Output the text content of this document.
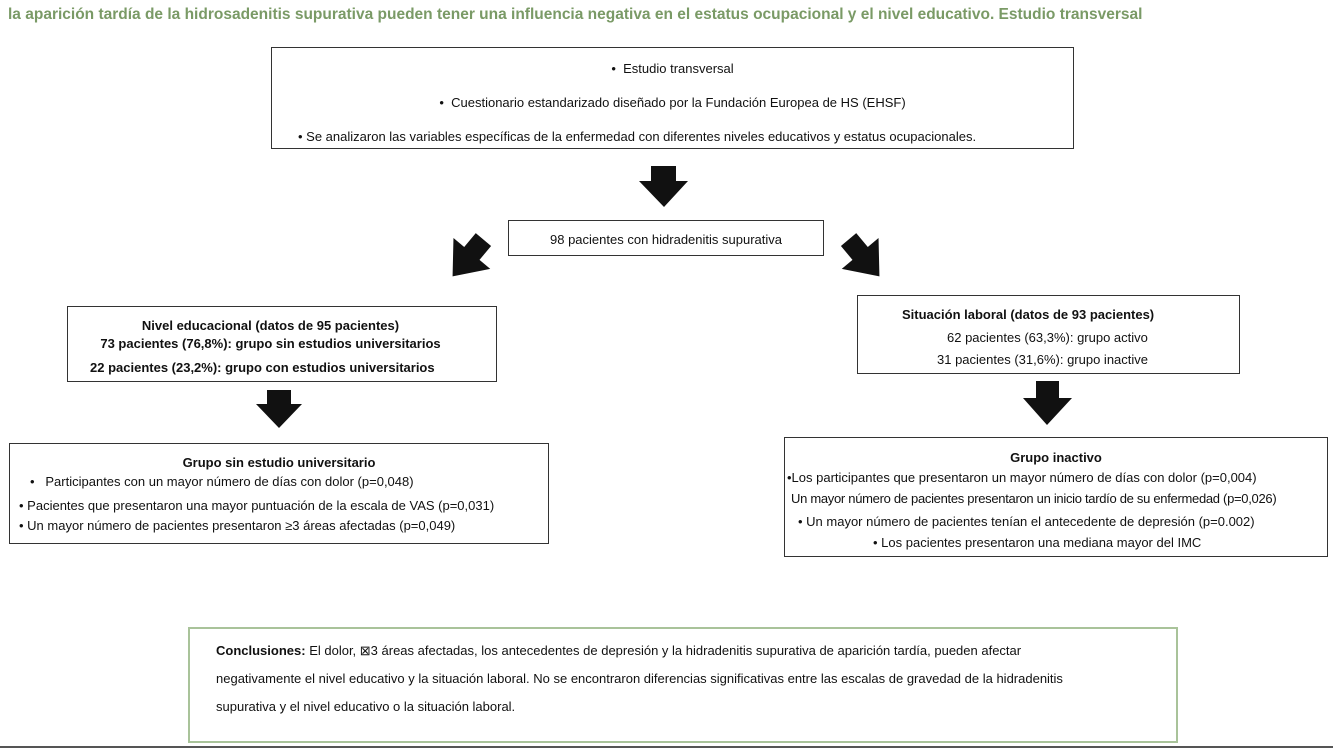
la aparición tardía de la hidrosadenitis supurativa pueden tener una influencia negativa en el estatus ocupacional y el nivel educativo. Estudio transversal
•  Estudio transversal
•  Cuestionario estandarizado diseñado por la Fundación Europea de HS (EHSF)
• Se analizaron las variables específicas de la enfermedad con diferentes niveles educativos y estatus ocupacionales.
98 pacientes con hidradenitis supurativa
Nivel educacional (datos de 95 pacientes)
73 pacientes (76,8%): grupo sin estudios universitarios
22 pacientes (23,2%): grupo con estudios universitarios
Situación laboral (datos de 93 pacientes)
62 pacientes (63,3%): grupo activo
31 pacientes (31,6%): grupo inactive
Grupo sin estudio universitario
•   Participantes con un mayor número de días con dolor (p=0,048)
• Pacientes que presentaron una mayor puntuación de la escala de VAS (p=0,031)
• Un mayor número de pacientes presentaron ≥3 áreas afectadas (p=0,049)
Grupo inactivo
•Los participantes que presentaron un mayor número de días con dolor (p=0,004)
Un mayor número de pacientes presentaron un inicio tardío de su enfermedad (p=0,026)
• Un mayor número de pacientes tenían el antecedente de depresión (p=0.002)
• Los pacientes presentaron una mediana mayor del IMC
Conclusiones: El dolor, ⊠3 áreas afectadas, los antecedentes de depresión y la hidradenitis supurativa de aparición tardía, pueden afectar
negativamente el nivel educativo y la situación laboral. No se encontraron diferencias significativas entre las escalas de gravedad de la hidradenitis
supurativa y el nivel educativo o la situación laboral.
